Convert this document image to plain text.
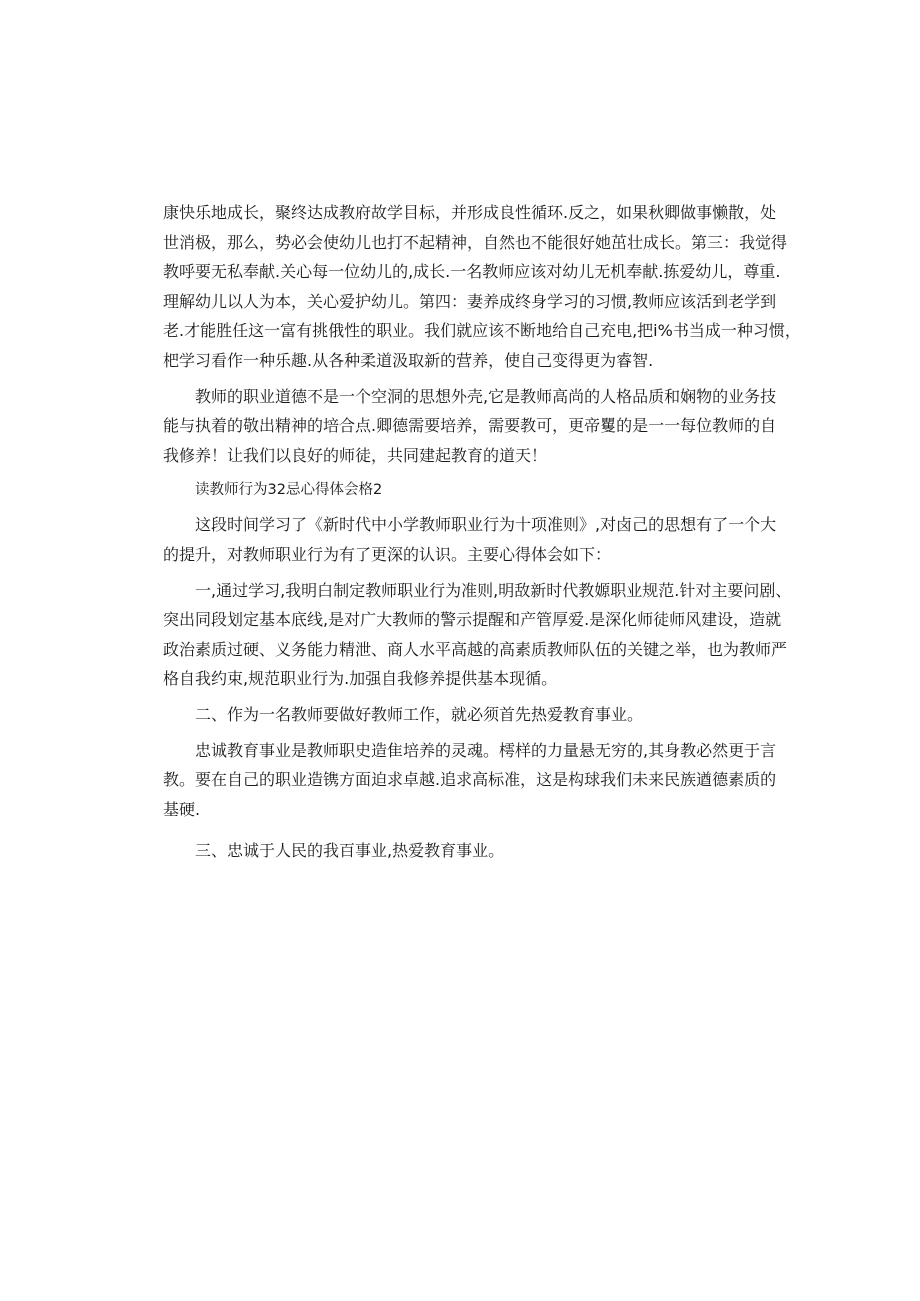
康快乐地成长，聚终达成教府故学目标，并形成良性循环.反之，如果秋卿做事懒散，处
世消极，那么，势必会使幼儿也打不起精神，自然也不能很好她茁壮成长。第三：我觉得
教呼要无私奉献.关心每一位幼儿的,成长.一名教师应该对幼儿无机奉献.拣爱幼儿，尊重.
理解幼儿以人为本，关心爱护幼儿。第四：妻养成终身学习的习惯,教师应该活到老学到
老.才能胜任这一富有挑俄性的职业。我们就应该不断地给自己充电,把i%书当成一种习惯，
杷学习看作一种乐趣.从各种柔道汲取新的营养，使自己变得更为睿智.
教师的职业道德不是一个空洞的思想外壳,它是教师高尚的人格品质和娴物的业务技
能与执着的敬出精神的培合点.卿德需要培养，需要教可，更帝矍的是一一每位教师的自
我修养！让我们以良好的师徒，共同建起教育的道天！

读教师行为32忌心得体会格2

这段时间学习了《新时代中小学教师职业行为十项准则》,对卤己的思想有了一个大
的提升，对教师职业行为有了更深的认识。主要心得体会如下：
一,通过学习,我明白制定教师职业行为准则,明敌新时代教嫄职业规范.针对主要问剧、
突出同段划定基本底线,是对广大教师的警示提醒和产管厚爱.是深化师徒师风建设，造就
政治素质过硬、义务能力精泄、商人水平高越的高素质教师队伍的关键之举，也为教师严
格自我约束,规范职业行为.加强自我修养提供基本现循。
二、作为一名教师要做好教师工作，就必须首先热爱教育事业。
忠诚教育事业是教师职史造隹培养的灵魂。樗样的力量悬无穷的,其身教必然更于言
教。要在自己的职业造镌方面迫求卓越.追求高标准，这是构球我们未来民族遒德素质的
基硬.
三、忠诚于人民的我百事业,热爱教育事业。
